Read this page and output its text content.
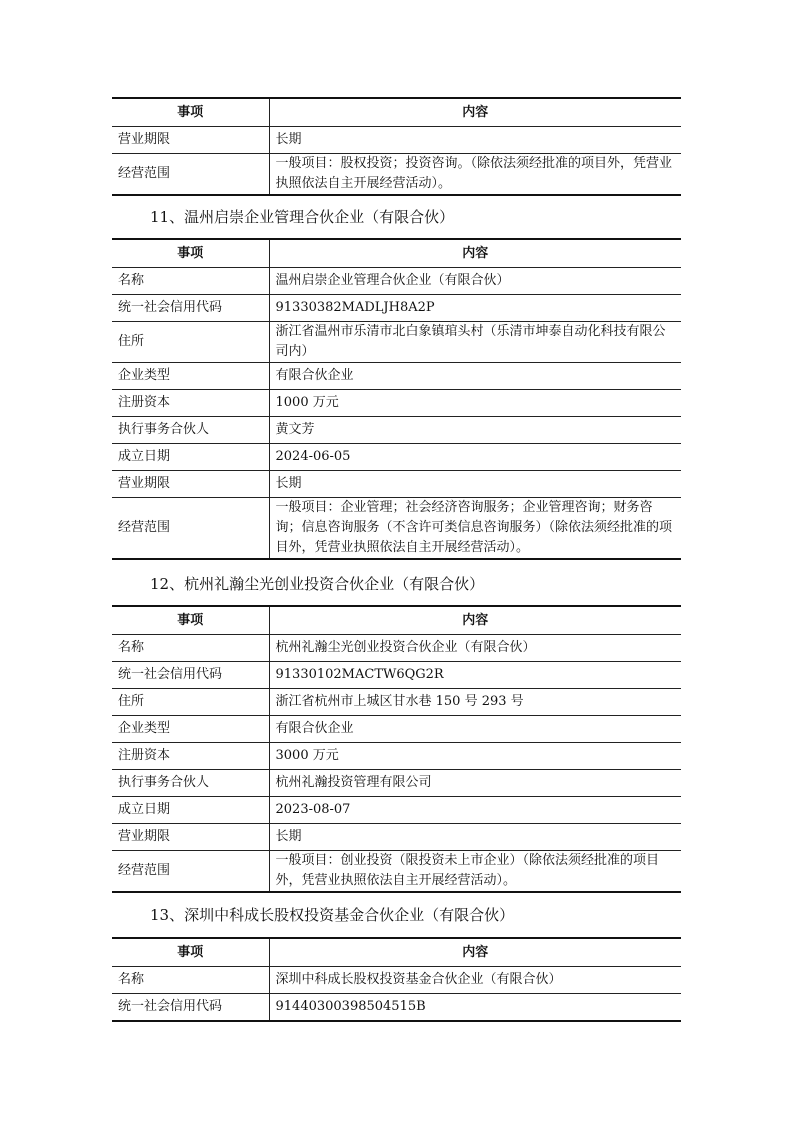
事项	内容
营业期限	长期
经营范围	一般项目：股权投资；投资咨询。（除依法须经批准的项目外，凭营业执照依法自主开展经营活动）。
11、温州启崇企业管理合伙企业（有限合伙）
事项	内容
名称	温州启崇企业管理合伙企业（有限合伙）
统一社会信用代码	91330382MADLJH8A2P
住所	浙江省温州市乐清市北白象镇琯头村（乐清市坤泰自动化科技有限公司内）
企业类型	有限合伙企业
注册资本	1000 万元
执行事务合伙人	黄文芳
成立日期	2024-06-05
营业期限	长期
经营范围	一般项目：企业管理；社会经济咨询服务；企业管理咨询；财务咨询；信息咨询服务（不含许可类信息咨询服务）（除依法须经批准的项目外，凭营业执照依法自主开展经营活动）。
12、杭州礼瀚尘光创业投资合伙企业（有限合伙）
事项	内容
名称	杭州礼瀚尘光创业投资合伙企业（有限合伙）
统一社会信用代码	91330102MACTW6QG2R
住所	浙江省杭州市上城区甘水巷 150 号 293 号
企业类型	有限合伙企业
注册资本	3000 万元
执行事务合伙人	杭州礼瀚投资管理有限公司
成立日期	2023-08-07
营业期限	长期
经营范围	一般项目：创业投资（限投资未上市企业）（除依法须经批准的项目外，凭营业执照依法自主开展经营活动）。
13、深圳中科成长股权投资基金合伙企业（有限合伙）
事项	内容
名称	深圳中科成长股权投资基金合伙企业（有限合伙）
统一社会信用代码	91440300398504515B
